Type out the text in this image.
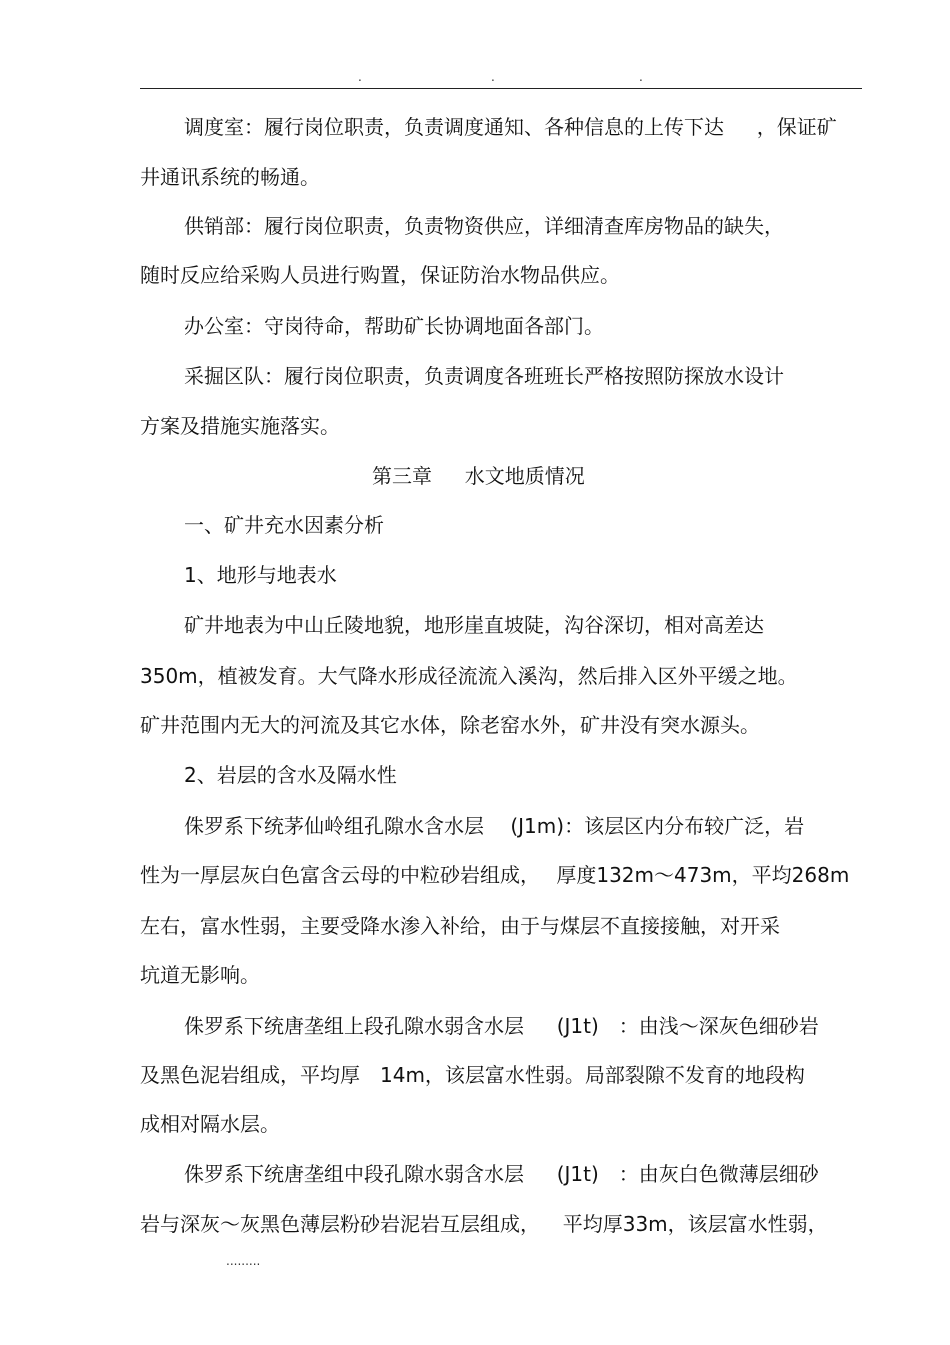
.	.	.
调度室：履行岗位职责，负责调度通知、各种信息的上传下达　  ，保证矿
井通讯系统的畅通。
供销部：履行岗位职责，负责物资供应，详细清查库房物品的缺失，
随时反应给采购人员进行购置，保证防治水物品供应。
办公室：守岗待命，帮助矿长协调地面各部门。
采掘区队：履行岗位职责，负责调度各班班长严格按照防探放水设计
方案及措施实施落实。
第三章　  水文地质情况
一、矿井充水因素分析
1、地形与地表水
矿井地表为中山丘陵地貌，地形崖直坡陡，沟谷深切，相对高差达
350m，植被发育。大气降水形成径流流入溪沟，然后排入区外平缓之地。
矿井范围内无大的河流及其它水体，除老窑水外，矿井没有突水源头。
2、岩层的含水及隔水性
侏罗系下统茅仙岭组孔隙水含水层　 (J1m)：该层区内分布较广泛，岩
性为一厚层灰白色富含云母的中粒砂岩组成，　 厚度132m～473m，平均268m
左右，富水性弱，主要受降水渗入补给，由于与煤层不直接接触，对开采
坑道无影响。
侏罗系下统唐垄组上段孔隙水弱含水层　  (J1t)　：由浅～深灰色细砂岩
及黑色泥岩组成，平均厚　14m，该层富水性弱。局部裂隙不发育的地段构
成相对隔水层。
侏罗系下统唐垄组中段孔隙水弱含水层　  (J1t)　：由灰白色微薄层细砂
岩与深灰～灰黑色薄层粉砂岩泥岩互层组成，　  平均厚33m，该层富水性弱，
.........
